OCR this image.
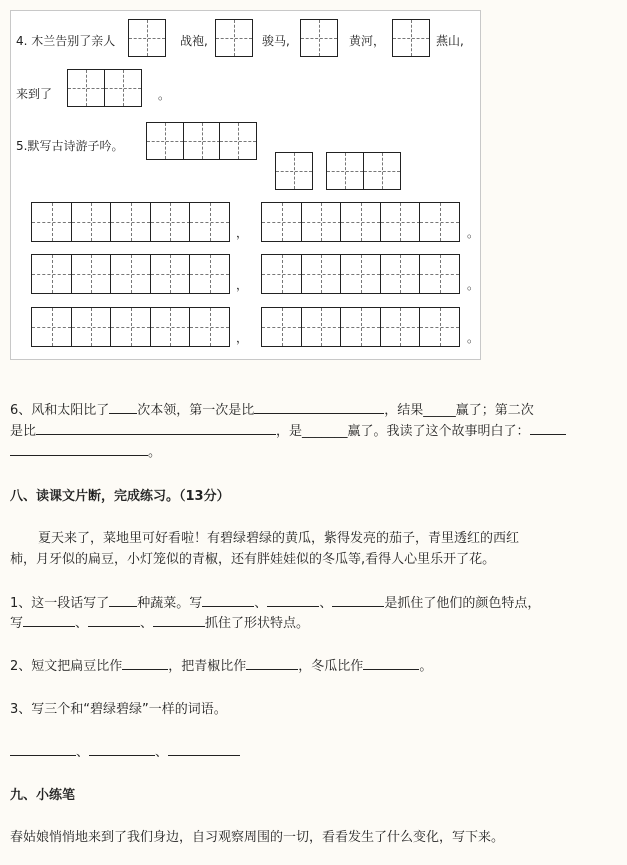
4. 木兰告别了亲人	战袍,	骏马,	黄河，	燕山,
来到了	。
5.默写古诗游子吟。
，	。
，	。
，	。
6、风和太阳比了 次本领，第一次是比	，结果_____赢了；第二次
是比	，是_______赢了。我读了这个故事明白了：
。
八、读课文片断，完成练习。（13分）
夏天来了，菜地里可好看啦！有碧绿碧绿的黄瓜，紫得发亮的茄子，青里透红的西红
柿，月牙似的扁豆，小灯笼似的青椒，还有胖娃娃似的冬瓜等,看得人心里乐开了花。
1、这一段话写了 种蔬菜。写	、	、	是抓住了他们的颜色特点，
写	、	、	抓住了形状特点。
2、短文把扁豆比作	，把青椒比作	，冬瓜比作	。
3、写三个和“碧绿碧绿”一样的词语。
、	、
九、小练笔
春姑娘悄悄地来到了我们身边，自习观察周围的一切，看看发生了什么变化，写下来。
